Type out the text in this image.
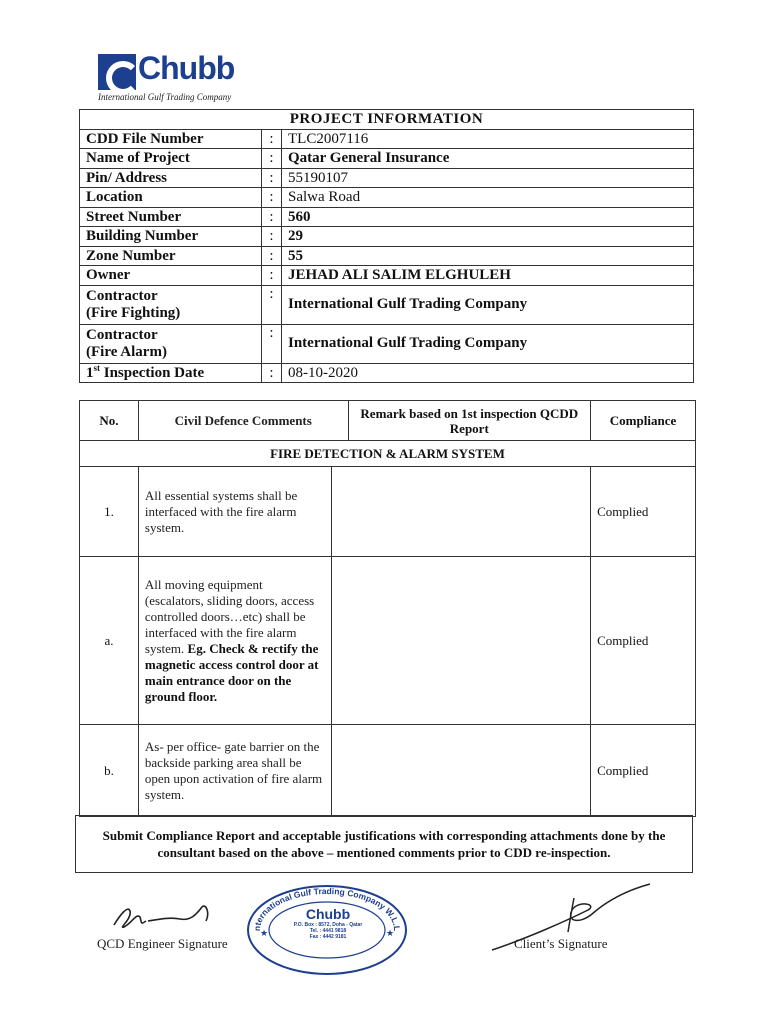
Chubb
International Gulf Trading Company
PROJECT INFORMATION		
CDD File Number	:	TLC2007116
Name of Project	:	Qatar General Insurance
Pin/ Address	:	55190107
Location	:	Salwa Road
Street Number	:	560
Building Number	:	29
Zone Number	:	55
Owner	:	JEHAD ALI SALIM ELGHULEH

Contractor
(Fire Fighting)	:	International Gulf Trading Company

Contractor
(Fire Alarm)	:	International Gulf Trading Company
1st Inspection Date	:	08-10-2020
No.	Civil Defence Comments	Remark based on 1st inspection QCDD Report	Compliance
FIRE DETECTION & ALARM SYSTEM
1.	All essential systems shall be interfaced with the fire alarm system.		Complied
a.	All moving equipment (escalators, sliding doors, access controlled doors…etc) shall be interfaced with the fire alarm system. Eg. Check & rectify the magnetic access control door at main entrance door on the ground floor.		Complied
b.	As- per office- gate barrier on the backside parking area shall be open upon activation of fire alarm system.		Complied
Submit Compliance Report and acceptable justifications with corresponding attachments done by the consultant based on the above – mentioned comments prior to CDD re-inspection.
QCD Engineer Signature
nternational Gulf Trading Company W.L.L
★	★
Chubb
P.O. Box : 8572, Doha - Qatar
Tel. : 4441 9818
Fax : 4442 9181	Client’s Signature
